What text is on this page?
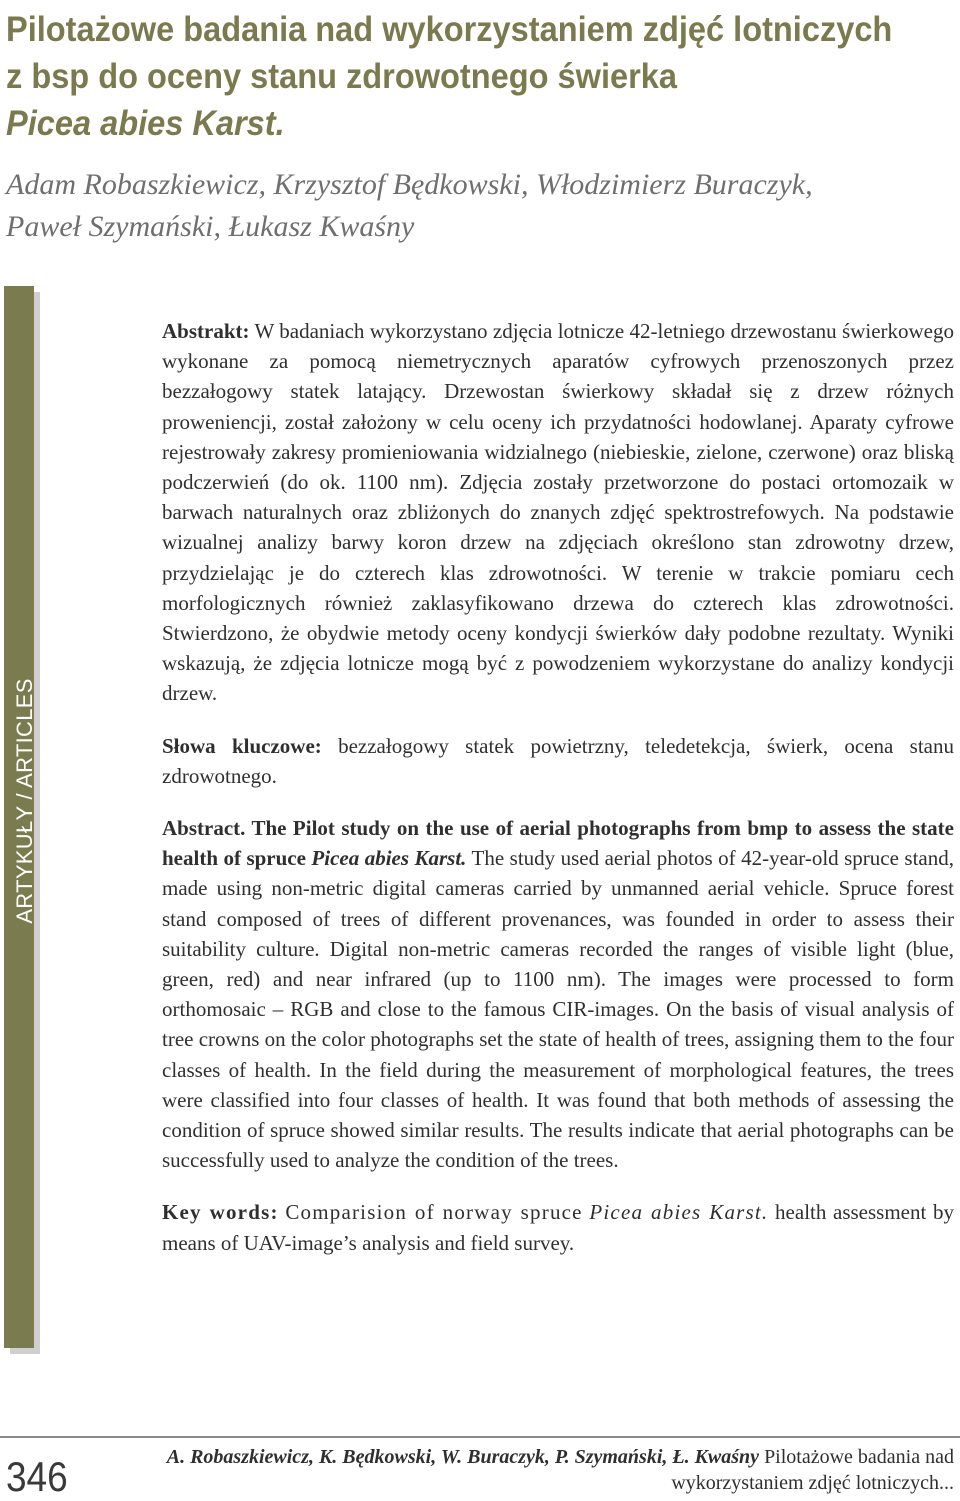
Pilotażowe badania nad wykorzystaniem zdjęć lotniczych
z bsp do oceny stanu zdrowotnego świerka
Picea abies Karst.
Adam Robaszkiewicz, Krzysztof Będkowski, Włodzimierz Buraczyk,
Paweł Szymański, Łukasz Kwaśny
ARTYKUŁY / ARTICLES

Abstrakt: W badaniach wykorzystano zdjęcia lotnicze 42-letniego drzewostanu świerkowego wykonane za pomocą niemetrycznych aparatów cyfrowych przenoszonych przez bezzałogowy statek latający. Drzewostan świerkowy składał się z drzew różnych proweniencji, został założony w celu oceny ich przydatności hodowlanej. Aparaty cyfrowe rejestrowały zakresy promieniowania widzialnego (niebieskie, zielone, czerwone) oraz bliską podczerwień (do ok. 1100 nm). Zdjęcia zostały przetworzone do postaci ortomozaik w barwach naturalnych oraz zbliżonych do znanych zdjęć spektrostrefowych. Na podstawie wizualnej analizy barwy koron drzew na zdjęciach określono stan zdrowotny drzew, przydzielając je do czterech klas zdrowotności. W terenie w trakcie pomiaru cech morfologicznych również zaklasyfikowano drzewa do czterech klas zdrowotności. Stwierdzono, że obydwie metody oceny kondycji świerków dały podobne rezultaty. Wyniki wskazują, że zdjęcia lotnicze mogą być z powodzeniem wykorzystane do analizy kondycji drzew.

Słowa kluczowe: bezzałogowy statek powietrzny, teledetekcja, świerk, ocena stanu zdrowotnego.

Abstract. The Pilot study on the use of aerial photographs from bmp to assess the state health of spruce Picea abies Karst. The study used aerial photos of 42-year-old spruce stand, made using non-metric digital cameras carried by unmanned aerial vehicle. Spruce forest stand composed of trees of different provenances, was founded in order to assess their suitability culture. Digital non-metric cameras recorded the ranges of visible light (blue, green, red) and near infrared (up to 1100 nm). The images were processed to form orthomosaic – RGB and close to the famous CIR-images. On the basis of visual analysis of tree crowns on the color photographs set the state of health of trees, assigning them to the four classes of health. In the field during the measurement of morphological features, the trees were classified into four classes of health. It was found that both methods of assessing the condition of spruce showed similar results. The results indicate that aerial photographs can be successfully used to analyze the condition of the trees.

Key words: Comparision of norway spruce Picea abies Karst. health assessment by means of UAV-image’s analysis and field survey.

346	A. Robaszkiewicz, K. Będkowski, W. Buraczyk, P. Szymański, Ł. Kwaśny Pilotażowe badania nad wykorzystaniem zdjęć lotniczych...
